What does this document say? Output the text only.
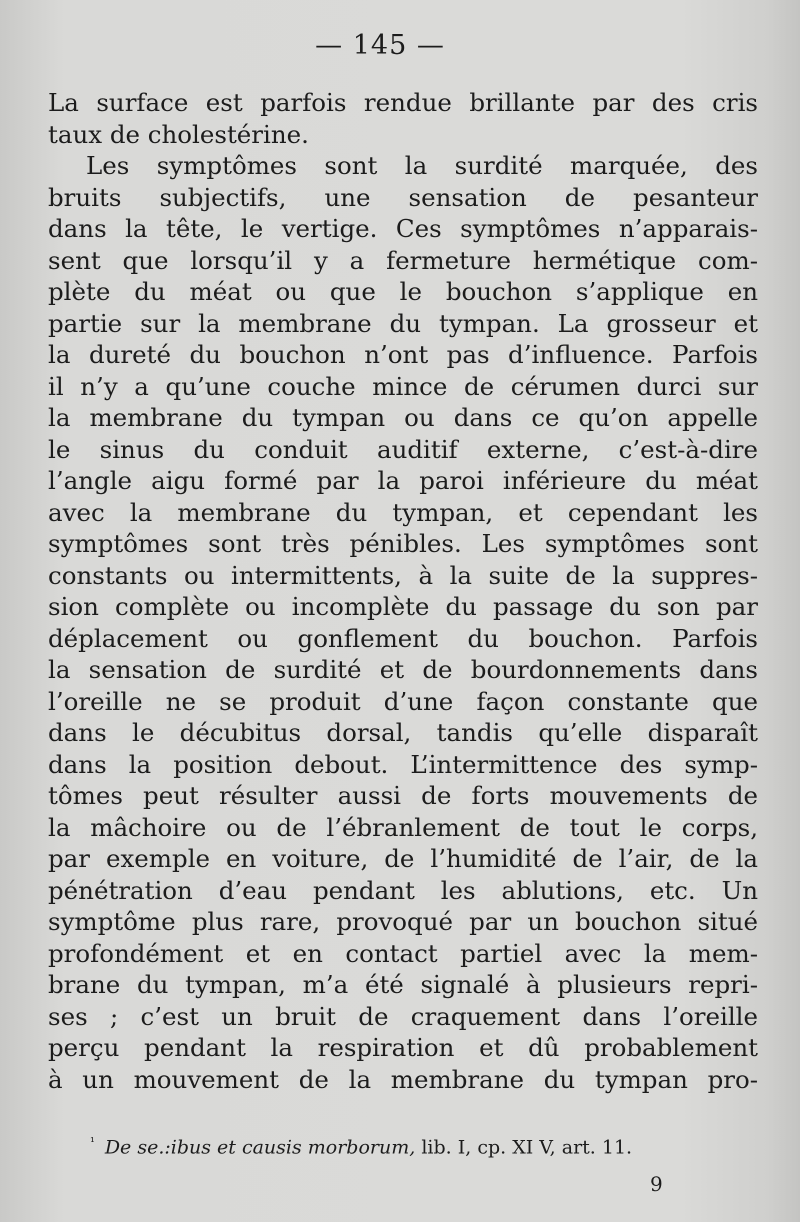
— 145 —
La surface est parfois rendue brillante par des cris
taux de cholestérine.
Les symptômes sont la surdité marquée, des
bruits subjectifs, une sensation de pesanteur
dans la tête, le vertige. Ces symptômes n’apparais-
sent que lorsqu’il y a fermeture hermétique com-
plète du méat ou que le bouchon s’applique en
partie sur la membrane du tympan. La grosseur et
la dureté du bouchon n’ont pas d’influence. Parfois
il n’y a qu’une couche mince de cérumen durci sur
la membrane du tympan ou dans ce qu’on appelle
le sinus du conduit auditif externe, c’est-à-dire
l’angle aigu formé par la paroi inférieure du méat
avec la membrane du tympan, et cependant les
symptômes sont très pénibles. Les symptômes sont
constants ou intermittents, à la suite de la suppres-
sion complète ou incomplète du passage du son par
déplacement ou gonflement du bouchon. Parfois
la sensation de surdité et de bourdonnements dans
l’oreille ne se produit d’une façon constante que
dans le décubitus dorsal, tandis qu’elle disparaît
dans la position debout. L’intermittence des symp-
tômes peut résulter aussi de forts mouvements de
la mâchoire ou de l’ébranlement de tout le corps,
par exemple en voiture, de l’humidité de l’air, de la
pénétration d’eau pendant les ablutions, etc. Un
symptôme plus rare, provoqué par un bouchon situé
profondément et en contact partiel avec la mem-
brane du tympan, m’a été signalé à plusieurs repri-
ses ; c’est un bruit de craquement dans l’oreille
perçu pendant la respiration et dû probablement
à un mouvement de la membrane du tympan pro-
$^{^1}$ De se.:ibus et causis morborum, lib. I, cp. XI V, art. 11.
9
